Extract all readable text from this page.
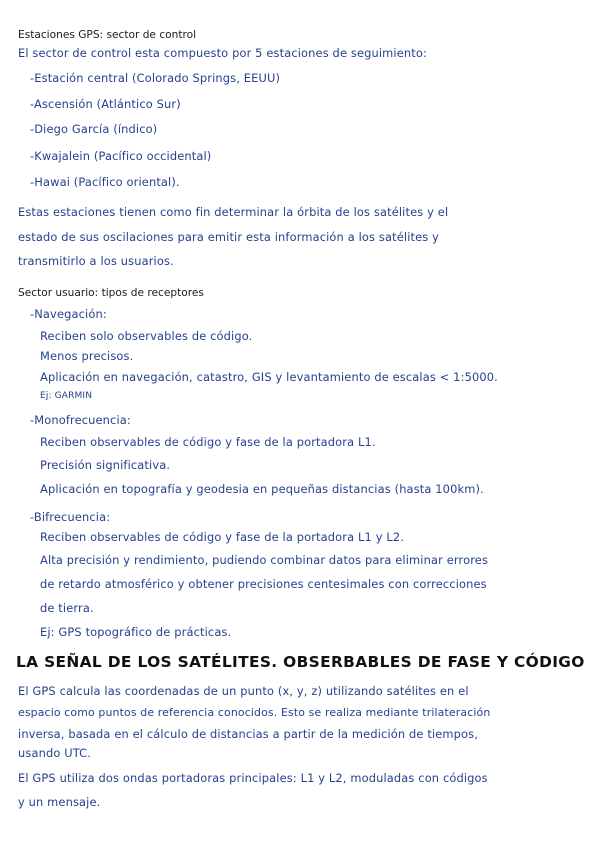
Estaciones GPS: sector de control
El sector de control esta compuesto por 5 estaciones de seguimiento:
-Estación central (Colorado Springs, EEUU)
-Ascensión (Atlántico Sur)
-Diego García (índico)
-Kwajalein (Pacífico occidental)
-Hawai (Pacífico oriental).
Estas estaciones tienen como fin determinar la órbita de los satélites y el
estado de sus oscilaciones para emitir esta información a los satélites y
transmitirlo a los usuarios.
Sector usuario: tipos de receptores
-Navegación:
Reciben solo observables de código.
Menos precisos.
Aplicación en navegación, catastro, GIS y levantamiento de escalas < 1:5000.
Ej: GARMIN
-Monofrecuencia:
Reciben observables de código y fase de la portadora L1.
Precisión significativa.
Aplicación en topografía y geodesia en pequeñas distancias (hasta 100km).
-Bifrecuencia:
Reciben observables de código y fase de la portadora L1 y L2.
Alta precisión y rendimiento, pudiendo combinar datos para eliminar errores
de retardo atmosférico y obtener precisiones centesimales con correcciones
de tierra.
Ej: GPS topográfico de prácticas.
LA SEÑAL DE LOS SATÉLITES. OBSERBABLES DE FASE Y CÓDIGO
El GPS calcula las coordenadas de un punto (x, y, z) utilizando satélites en el
espacio como puntos de referencia conocidos. Esto se realiza mediante trilateración
inversa, basada en el cálculo de distancias a partir de la medición de tiempos,
usando UTC.
El GPS utiliza dos ondas portadoras principales: L1 y L2, moduladas con códigos
y un mensaje.
